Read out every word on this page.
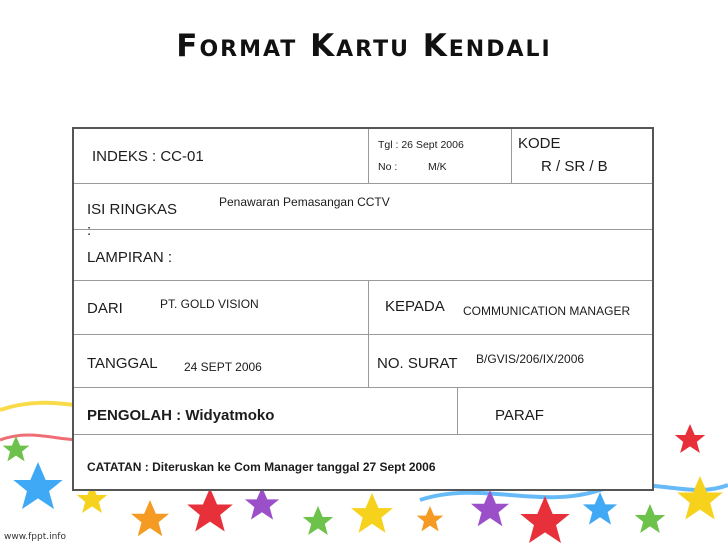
Format Kartu Kendali
INDEKS : CC-01
Tgl : 26 Sept 2006
No :	M/K
KODE
R / SR / B
ISI RINGKAS
:
Penawaran Pemasangan CCTV
LAMPIRAN :
DARI	PT. GOLD VISION	KEPADA COMMUNICATION MANAGER
TANGGAL 24 SEPT 2006	NO. SURAT B/GVIS/206/IX/2006
PENGOLAH : Widyatmoko	PARAF
CATATAN : Diteruskan ke Com Manager tanggal 27 Sept 2006
www.fppt.info
